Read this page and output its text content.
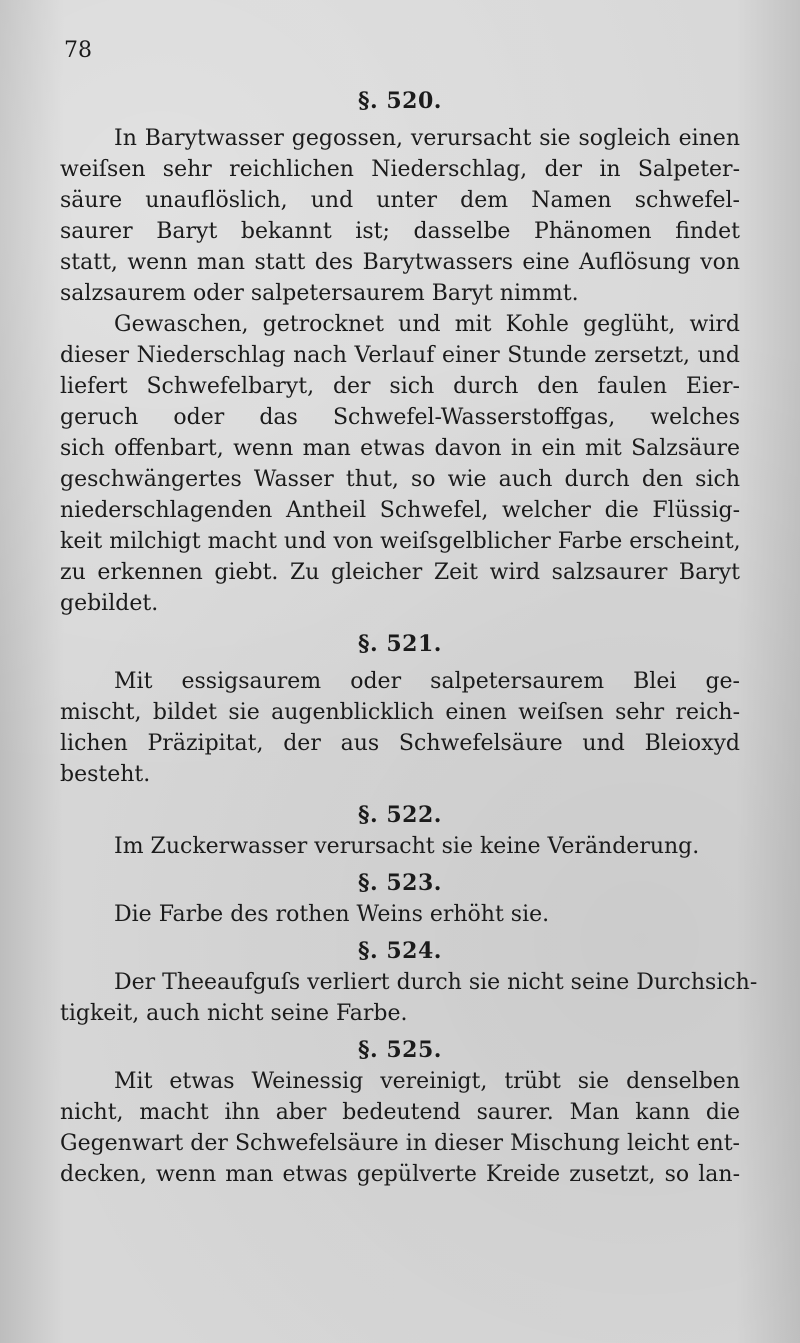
78
§. 520.

In Barytwasser gegossen, verursacht sie sogleich einen
weiſsen sehr reichlichen Niederschlag, der in Salpeter-
säure unauflöslich, und unter dem Namen schwefel-
saurer Baryt bekannt ist; dasselbe Phänomen findet
statt, wenn man statt des Barytwassers eine Auflösung von
salzsaurem oder salpetersaurem Baryt nimmt.

Gewaschen, getrocknet und mit Kohle geglüht, wird
dieser Niederschlag nach Verlauf einer Stunde zersetzt, und
liefert Schwefelbaryt, der sich durch den faulen Eier-
geruch oder das Schwefel-Wasserstoffgas, welches
sich offenbart, wenn man etwas davon in ein mit Salzsäure
geschwängertes Wasser thut, so wie auch durch den sich
niederschlagenden Antheil Schwefel, welcher die Flüssig-
keit milchigt macht und von weiſsgelblicher Farbe erscheint,
zu erkennen giebt. Zu gleicher Zeit wird salzsaurer Baryt
gebildet.

§. 521.

Mit essigsaurem oder salpetersaurem Blei ge-
mischt, bildet sie augenblicklich einen weiſsen sehr reich-
lichen Präzipitat, der aus Schwefelsäure und Bleioxyd
besteht.

§. 522.

Im Zuckerwasser verursacht sie keine Veränderung.

§. 523.

Die Farbe des rothen Weins erhöht sie.

§. 524.

Der Theeaufguſs verliert durch sie nicht seine Durchsich-
tigkeit, auch nicht seine Farbe.

§. 525.

Mit etwas Weinessig vereinigt, trübt sie denselben
nicht, macht ihn aber bedeutend saurer. Man kann die
Gegenwart der Schwefelsäure in dieser Mischung leicht ent-
decken, wenn man etwas gepülverte Kreide zusetzt, so lan-
